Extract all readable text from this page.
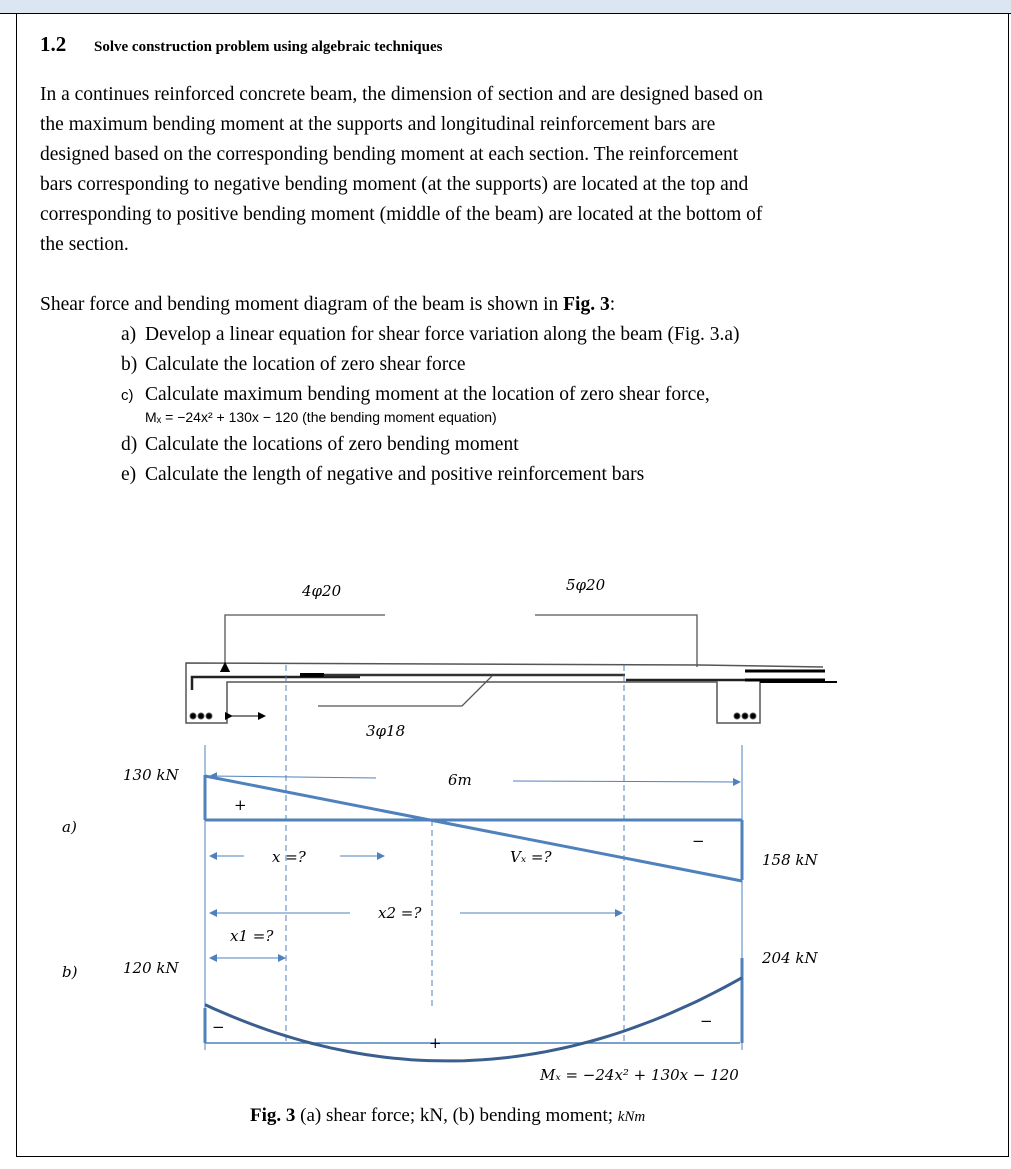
1.2 Solve construction problem using algebraic techniques
In a continues reinforced concrete beam, the dimension of section and are designed based on
the maximum bending moment at the supports and longitudinal reinforcement bars are
designed based on the corresponding bending moment at each section. The reinforcement
bars corresponding to negative bending moment (at the supports) are located at the top and
corresponding to positive bending moment (middle of the beam) are located at the bottom of
the section.
Shear force and bending moment diagram of the beam is shown in Fig. 3:
a) Develop a linear equation for shear force variation along the beam (Fig. 3.a)
b) Calculate the location of zero shear force
c) Calculate maximum bending moment at the location of zero shear force,
Mₓ = −24x² + 130x − 120 (the bending moment equation)
d) Calculate the locations of zero bending moment
e) Calculate the length of negative and positive reinforcement bars
4φ20	5φ20
3φ18
130 kN	6m
+
a)
x =?	Vₓ =?
−
158 kN
x2 =?
x1 =?
b)	120 kN
204 kN
−	−
+
Mₓ = −24x² + 130x − 120
Fig. 3 (a) shear force; kN, (b) bending moment; kNm
